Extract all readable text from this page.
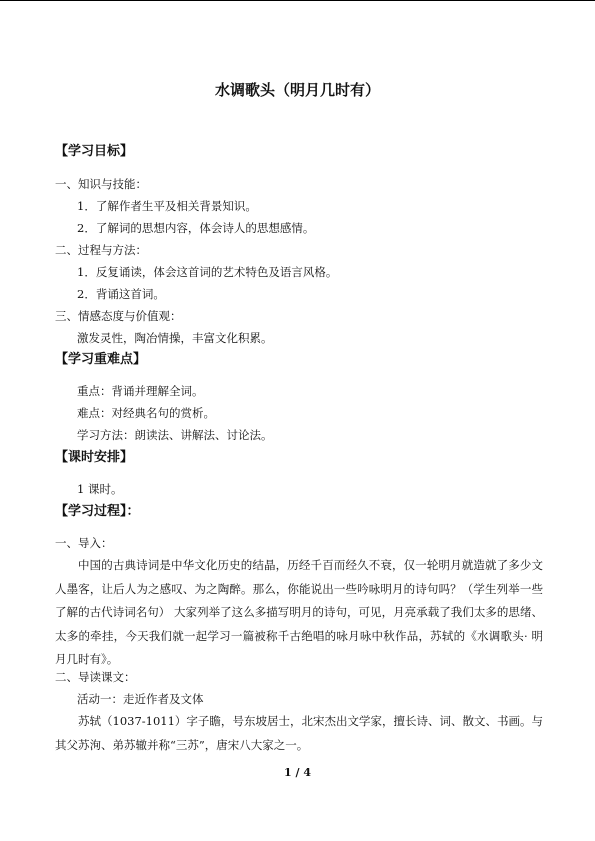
水调歌头（明月几时有）
【学习目标】
一、知识与技能：
1．了解作者生平及相关背景知识。
2．了解词的思想内容，体会诗人的思想感情。
二、过程与方法：
1．反复诵读，体会这首词的艺术特色及语言风格。
2．背诵这首词。
三、情感态度与价值观：
激发灵性，陶冶情操，丰富文化积累。
【学习重难点】
重点：背诵并理解全词。
难点：对经典名句的赏析。
学习方法：朗读法、讲解法、讨论法。
【课时安排】
1 课时。
【学习过程】：
一、导入：
中国的古典诗词是中华文化历史的结晶，历经千百而经久不衰，仅一轮明月就造就了多少文人墨客，让后人为之感叹、为之陶醉。那么，你能说出一些吟咏明月的诗句吗？（学生列举一些了解的古代诗词名句） 大家列举了这么多描写明月的诗句，可见，月亮承载了我们太多的思绪、太多的牵挂，今天我们就一起学习一篇被称千古绝唱的咏月咏中秋作品，苏轼的《水调歌头· 明月几时有》。
二、导读课文：
活动一：走近作者及文体
苏轼（1037-1011）字子瞻，号东坡居士，北宋杰出文学家，擅长诗、词、散文、书画。与其父苏洵、弟苏辙并称“三苏”，唐宋八大家之一。
1 / 4
